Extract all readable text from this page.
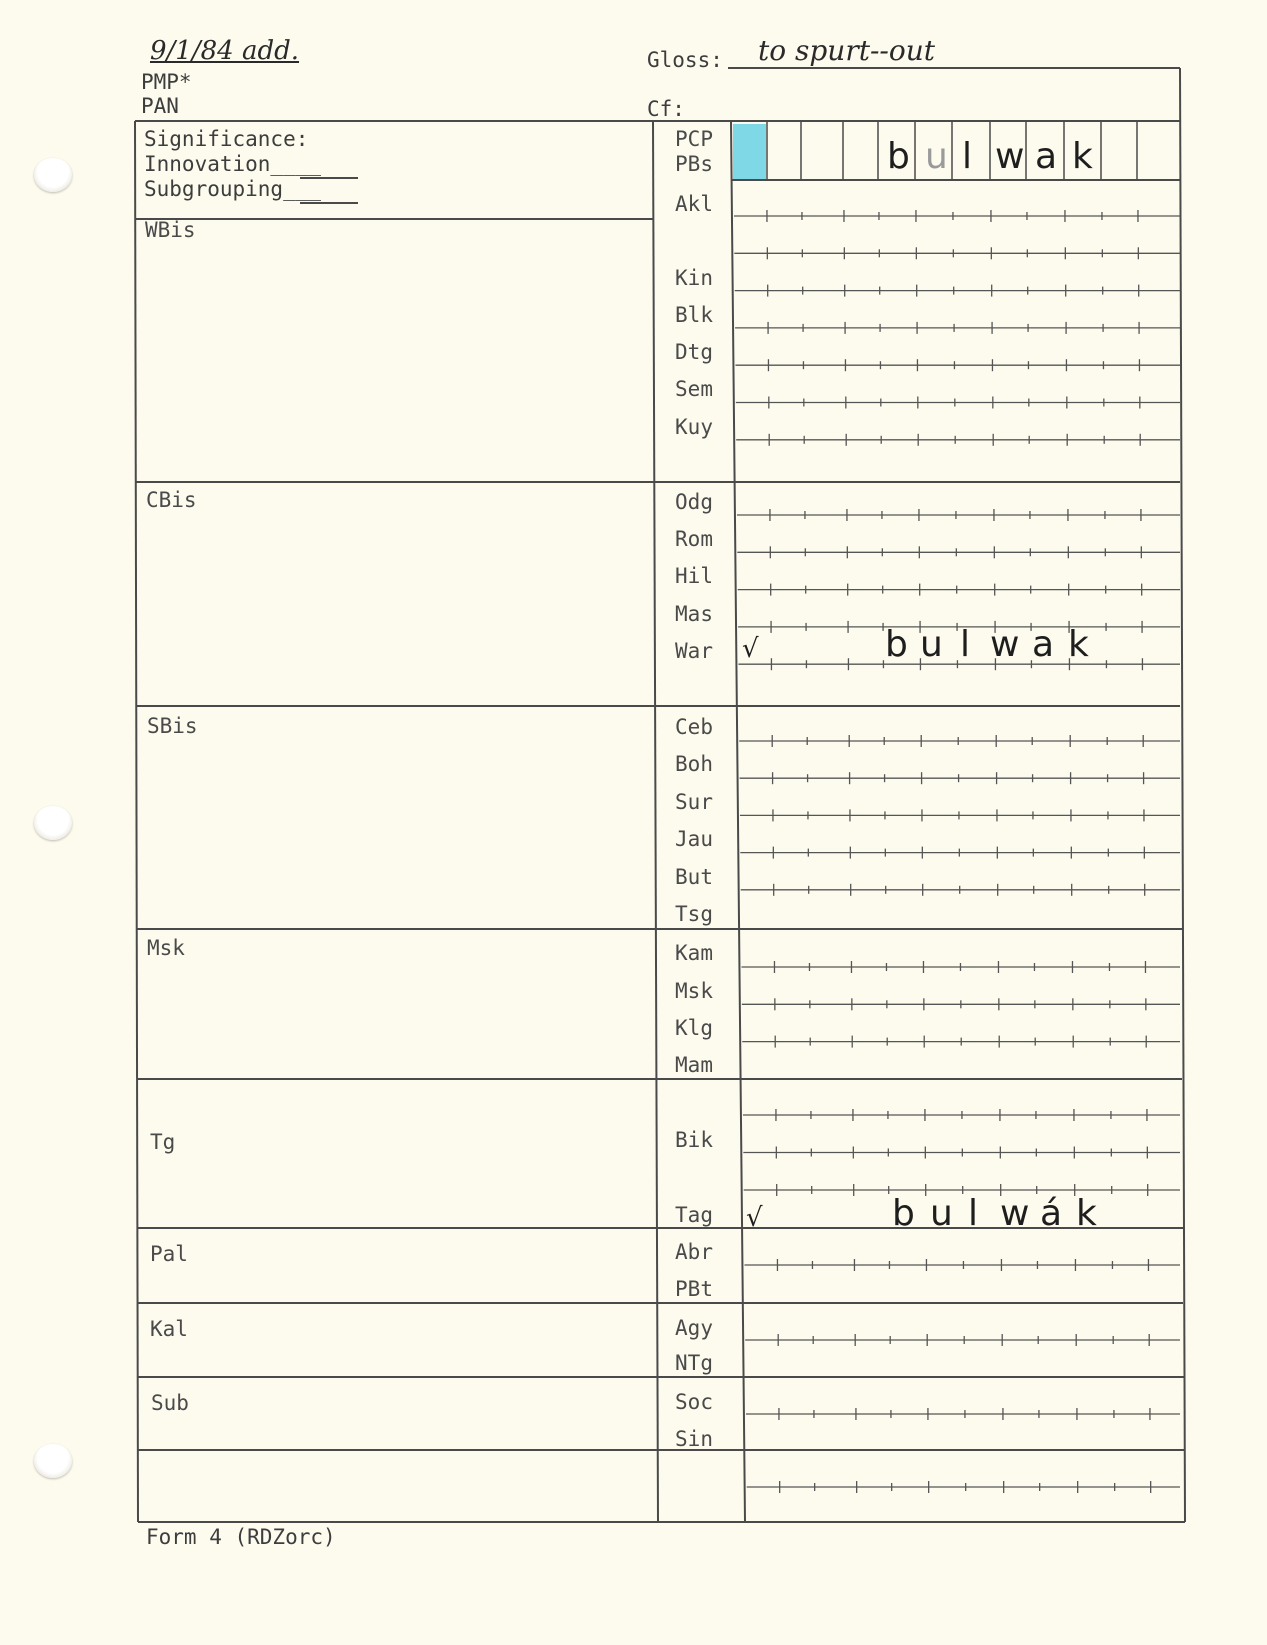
9/1/84 add.
PMP*
PAN
Gloss: to spurt--out
Cf:
Significance:
Innovation____
Subgrouping___
WBis
CBis
SBis
Msk
Tg
Pal
Kal
Sub
PCP
PBs
Akl
Kin
Blk
Dtg
Sem
Kuy
Odg
Rom
Hil
Mas
War
Ceb
Boh
Sur
Jau
But
Tsg
Kam
Msk
Klg
Mam
Bik
Tag
Abr
PBt
Agy
NTg
Soc
Sin
b u l w a k
√	b u l w a k
√	b u l w á k
Form 4 (RDZorc)
